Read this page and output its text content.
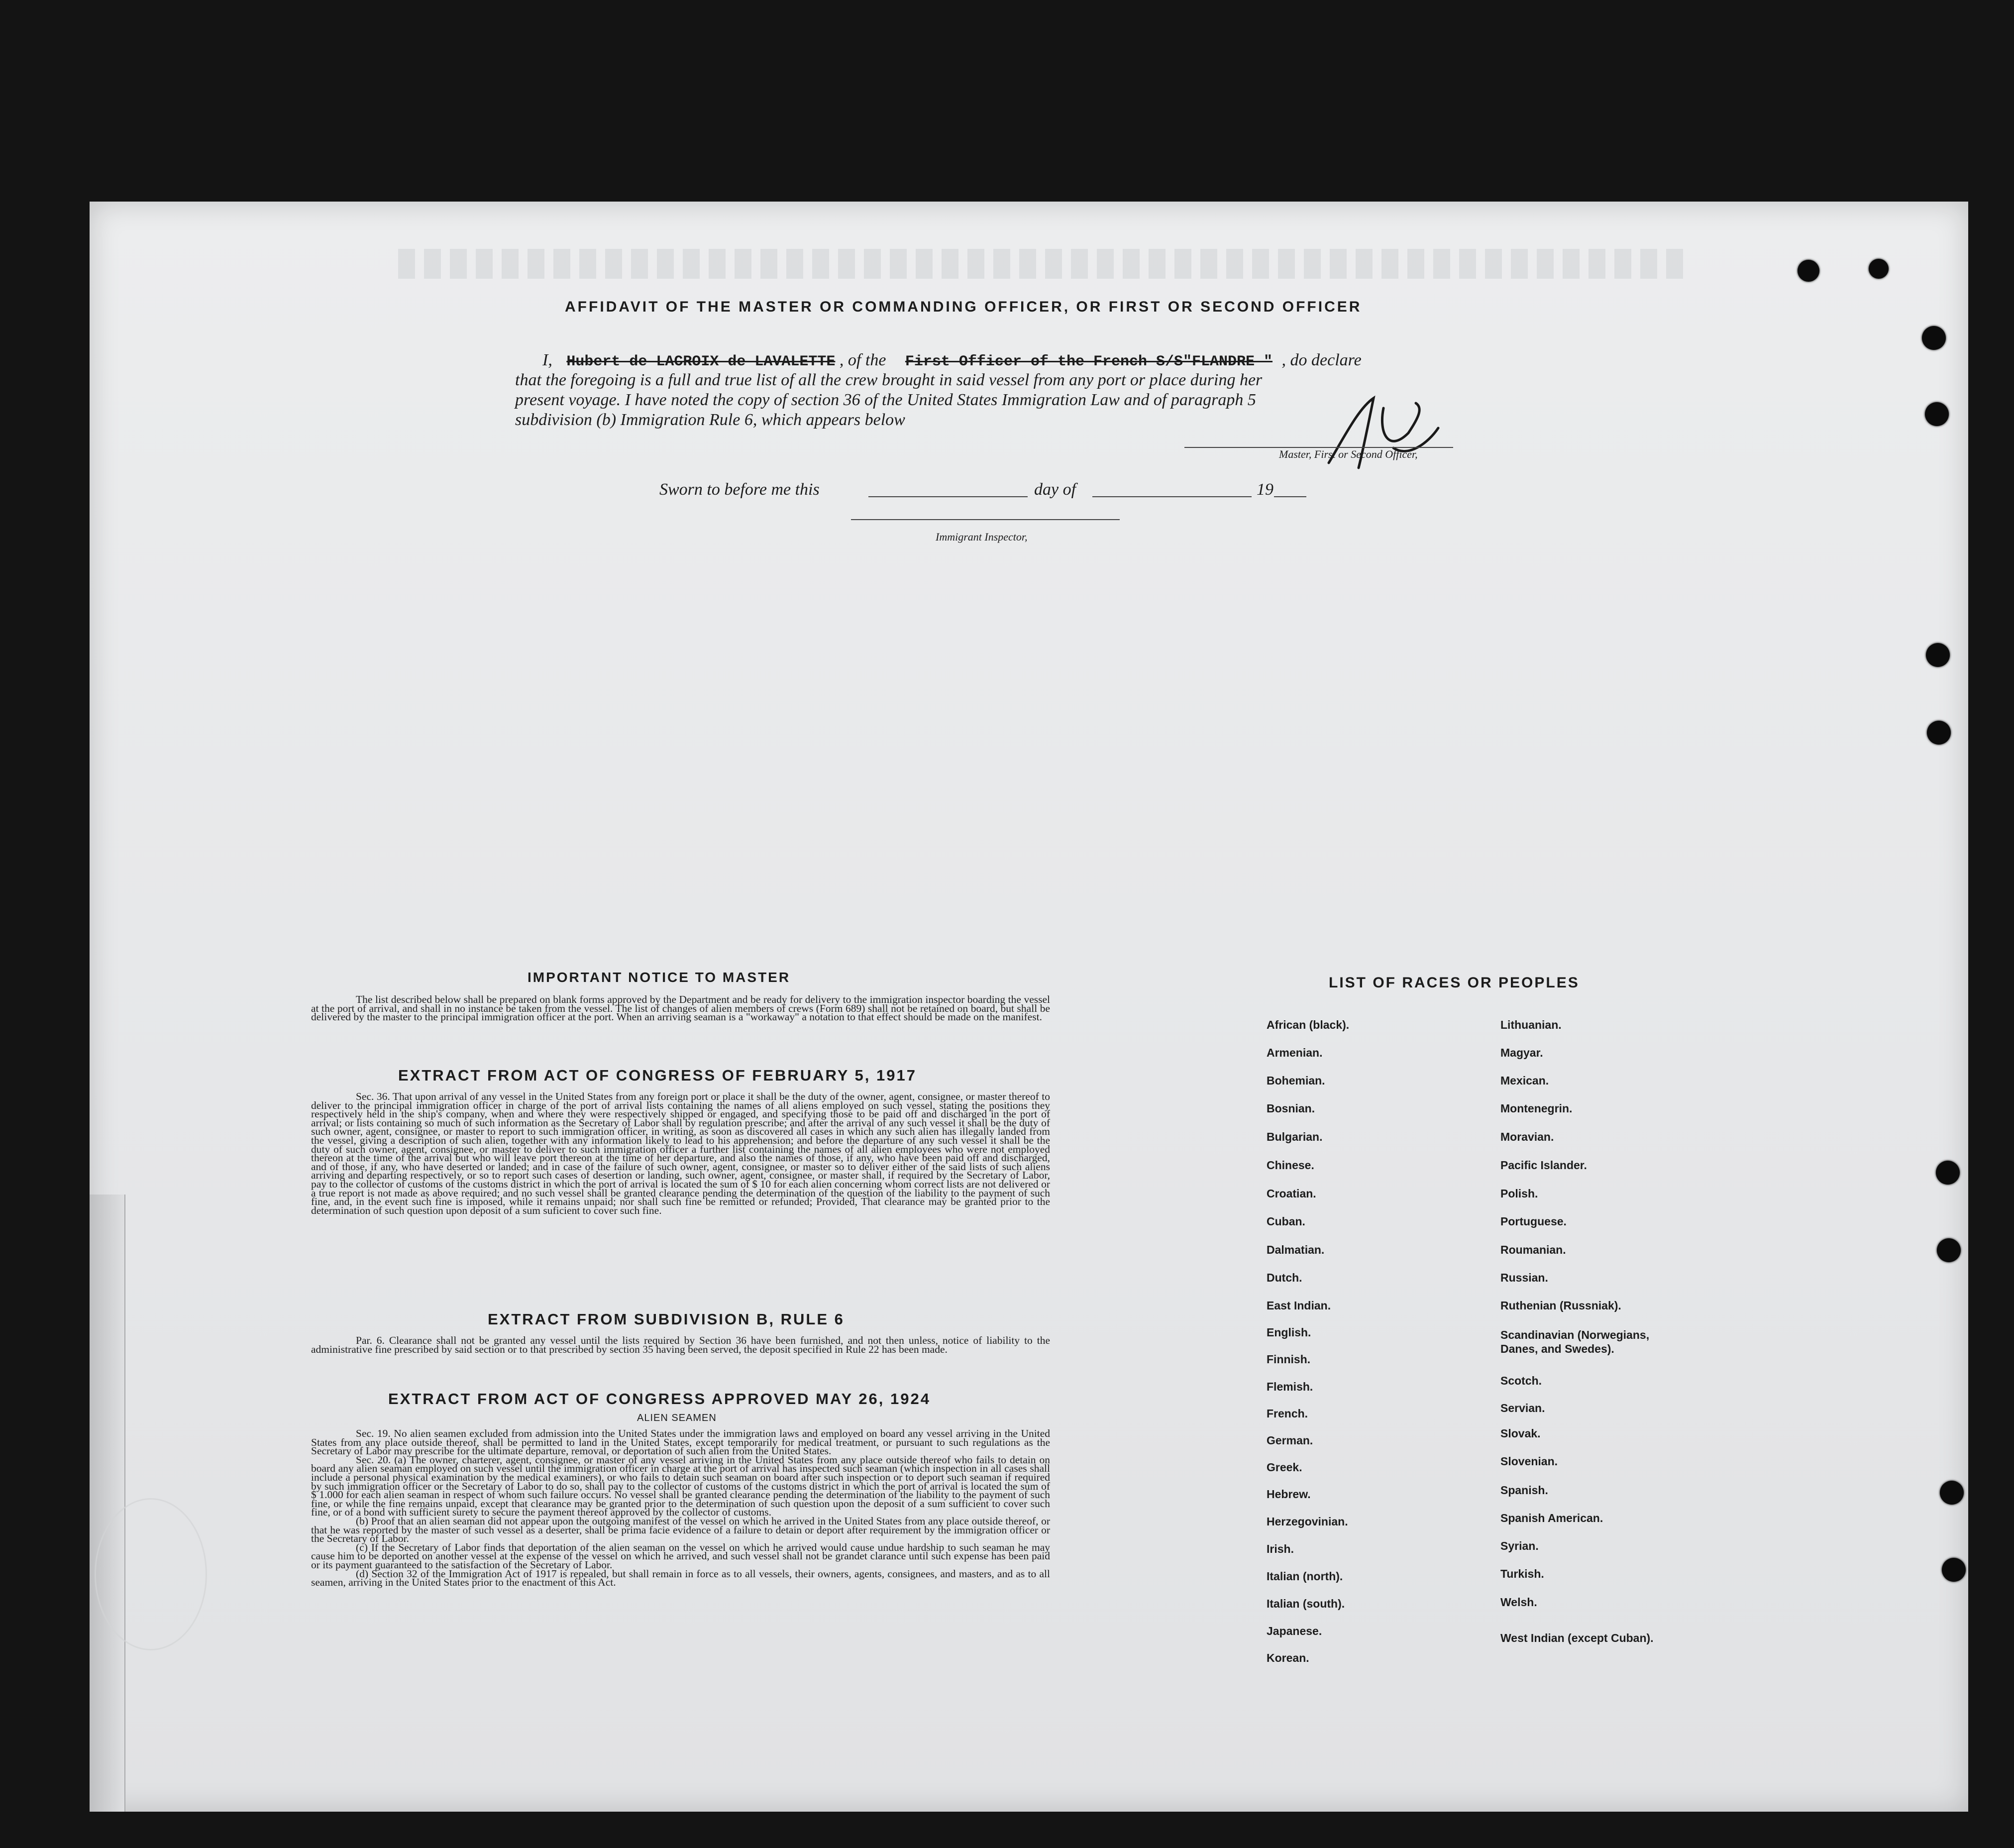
AFFIDAVIT OF THE MASTER OR COMMANDING OFFICER, OR FIRST OR SECOND OFFICER
I, Hubert de LACROIX de LAVALETTE , of the First Officer of the French S/S"FLANDRE " , do declare
that the foregoing is a full and true list of all the crew brought in said vessel from any port or place during her
present voyage. I have noted the copy of section 36 of the United States Immigration Law and of paragraph 5
subdivision (b) Immigration Rule 6, which appears below
Master, First or Second Officer,
Sworn to before me this	day of	19
Immigrant Inspector,
IMPORTANT NOTICE TO MASTER

The list described below shall be prepared on blank forms approved by the Department and be ready for delivery to the immigration inspector boarding the vessel at the port of arrival, and shall in no instance be taken from the vessel. The list of changes of alien members of crews (Form 689) shall not be retained on board, but shall be delivered by the master to the principal immigration officer at the port. When an arriving seaman is a "workaway" a notation to that effect should be made on the manifest.

EXTRACT FROM ACT OF CONGRESS OF FEBRUARY 5, 1917

Sec. 36. That upon arrival of any vessel in the United States from any foreign port or place it shall be the duty of the owner, agent, consignee, or master thereof to deliver to the principal immigration officer in charge of the port of arrival lists containing the names of all aliens employed on such vessel, stating the positions they respectively held in the ship's company, when and where they were respectively shipped or engaged, and specifying those to be paid off and discharged in the port of arrival; or lists containing so much of such information as the Secretary of Labor shall by regulation prescribe; and after the arrival of any such vessel it shall be the duty of such owner, agent, consignee, or master to report to such immigration officer, in writing, as soon as discovered all cases in which any such alien has illegally landed from the vessel, giving a description of such alien, together with any information likely to lead to his apprehension; and before the departure of any such vessel it shall be the duty of such owner, agent, consignee, or master to deliver to such immigration officer a further list containing the names of all alien employees who were not employed thereon at the time of the arrival but who will leave port thereon at the time of her departure, and also the names of those, if any, who have been paid off and discharged, and of those, if any, who have deserted or landed; and in case of the failure of such owner, agent, consignee, or master so to deliver either of the said lists of such aliens arriving and departing respectively, or so to report such cases of desertion or landing, such owner, agent, consignee, or master shall, if required by the Secretary of Labor, pay to the collector of customs of the customs district in which the port of arrival is located the sum of $ 10 for each alien concerning whom correct lists are not delivered or a true report is not made as above required; and no such vessel shall be granted clearance pending the determination of the question of the liability to the payment of such fine, and, in the event such fine is imposed, while it remains unpaid; nor shall such fine be remitted or refunded; Provided, That clearance may be granted prior to the determination of such question upon deposit of a sum suficient to cover such fine.

EXTRACT FROM SUBDIVISION B, RULE 6

Par. 6. Clearance shall not be granted any vessel until the lists required by Section 36 have been furnished, and not then unless, notice of liability to the administrative fine prescribed by said section or to that prescribed by section 35 having been served, the deposit specified in Rule 22 has been made.

EXTRACT FROM ACT OF CONGRESS APPROVED MAY 26, 1924
ALIEN SEAMEN

Sec. 19. No alien seamen excluded from admission into the United States under the immigration laws and employed on board any vessel arriving in the United States from any place outside thereof, shall be permitted to land in the United States, except temporarily for medical treatment, or pursuant to such regulations as the Secretary of Labor may prescribe for the ultimate departure, removal, or deportation of such alien from the United States.

Sec. 20. (a) The owner, charterer, agent, consignee, or master of any vessel arriving in the United States from any place outside thereof who fails to detain on board any alien seaman employed on such vessel until the immigration officer in charge at the port of arrival has inspected such seaman (which inspection in all cases shall include a personal physical examination by the medical examiners), or who fails to detain such seaman on board after such inspection or to deport such seaman if required by such immigration officer or the Secretary of Labor to do so, shall pay to the collector of customs of the customs district in which the port of arrival is located the sum of $ 1.000 for each alien seaman in respect of whom such failure occurs. No vessel shall be granted clearance pending the determination of the liability to the payment of such fine, or while the fine remains unpaid, except that clearance may be granted prior to the determination of such question upon the deposit of a sum sufficient to cover such fine, or of a bond with sufficient surety to secure the payment thereof approved by the collector of customs.

(b) Proof that an alien seaman did not appear upon the outgoing manifest of the vessel on which he arrived in the United States from any place outside thereof, or that he was reported by the master of such vessel as a deserter, shall be prima facie evidence of a failure to detain or deport after requirement by the immigration officer or the Secretary of Labor.

(c) If the Secretary of Labor finds that deportation of the alien seaman on the vessel on which he arrived would cause undue hardship to such seaman he may cause him to be deported on another vessel at the expense of the vessel on which he arrived, and such vessel shall not be grandet clarance until such expense has been paid or its payment guaranteed to the satisfaction of the Secretary of Labor.

(d) Section 32 of the Immigration Act of 1917 is repealed, but shall remain in force as to all vessels, their owners, agents, consignees, and masters, and as to all seamen, arriving in the United States prior to the enactment of this Act.

LIST OF RACES OR PEOPLES
African (black).
Armenian.
Bohemian.
Bosnian.
Bulgarian.
Chinese.
Croatian.
Cuban.
Dalmatian.
Dutch.
East Indian.
English.
Finnish.
Flemish.
French.
German.
Greek.
Hebrew.
Herzegovinian.
Irish.
Italian (north).
Italian (south).
Japanese.
Korean.
Lithuanian.
Magyar.
Mexican.
Montenegrin.
Moravian.
Pacific Islander.
Polish.
Portuguese.
Roumanian.
Russian.
Ruthenian (Russniak).
Scandinavian (Norwegians, Danes, and Swedes).
Scotch.
Servian.
Slovak.
Slovenian.
Spanish.
Spanish American.
Syrian.
Turkish.
Welsh.
West Indian (except Cuban).
